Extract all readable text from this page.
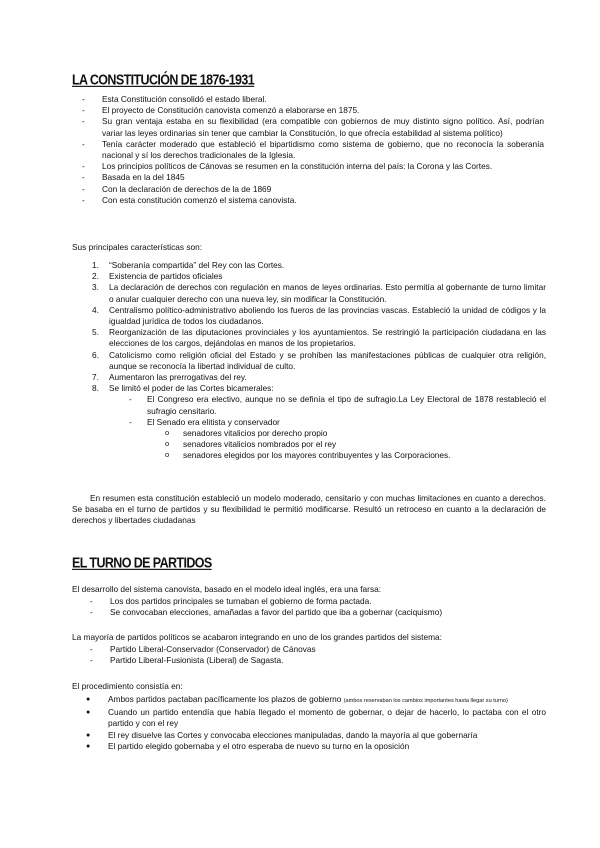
LA CONSTITUCIÓN DE 1876-1931
- Esta Constitución consolidó el estado liberal.
- El proyecto de Constitución canovista comenzó a elaborarse en 1875.
- Su gran ventaja estaba en su flexibilidad (era compatible con gobiernos de muy distinto signo político. Así, podrían variar las leyes ordinarias sin tener que cambiar la Constitución, lo que ofrecía estabilidad al sistema político)
- Tenía carácter moderado que estableció el bipartidismo como sistema de gobierno, que no reconocía la soberanía nacional y sí los derechos tradicionales de la Iglesia.
- Los principios políticos de Cánovas se resumen en la constitución interna del país: la Corona y las Cortes.
- Basada en la del 1845
- Con la declaración de derechos de la de 1869
- Con esta constitución comenzó el sistema canovista.

Sus principales características son:

1. “Soberanía compartida” del Rey con las Cortes.
2. Existencia de partidos oficiales
3. La declaración de derechos con regulación en manos de leyes ordinarias. Esto permitía al gobernante de turno limitar o anular cualquier derecho con una nueva ley, sin modificar la Constitución.
4. Centralismo político-administrativo aboliendo los fueros de las provincias vascas. Estableció la unidad de códigos y la igualdad jurídica de todos los ciudadanos.
5. Reorganización de las diputaciones provinciales y los ayuntamientos. Se restringió la participación ciudadana en las elecciones de los cargos, dejándolas en manos de los propietarios.
6. Catolicismo como religión oficial del Estado y se prohíben las manifestaciones públicas de cualquier otra religión, aunque se reconocía la libertad individual de culto.
7. Aumentaron las prerrogativas del rey.
8. Se limitó el poder de las Cortes bicamerales:
- El Congreso era electivo, aunque no se definía el tipo de sufragio.La Ley Electoral de 1878 restableció el sufragio censitario.
- El Senado era elitista y conservador
o senadores vitalicios por derecho propio
o senadores vitalicios nombrados por el rey
o senadores elegidos por los mayores contribuyentes y las Corporaciones.

En resumen esta constitución estableció un modelo moderado, censitario y con muchas limitaciones en cuanto a derechos. Se basaba en el turno de partidos y su flexibilidad le permitió modificarse. Resultó un retroceso en cuanto a la declaración de derechos y libertades ciudadanas

EL TURNO DE PARTIDOS

El desarrollo del sistema canovista, basado en el modelo ideal inglés, era una farsa:

- Los dos partidos principales se turnaban el gobierno de forma pactada.
- Se convocaban elecciones, amañadas a favor del partido que iba a gobernar (caciquismo)

La mayoría de partidos políticos se acabaron integrando en uno de los grandes partidos del sistema:

- Partido Liberal-Conservador (Conservador) de Cánovas
- Partido Liberal-Fusionista (Liberal) de Sagasta.

El procedimiento consistía en:

● Ambos partidos pactaban pacíficamente los plazos de gobierno (ambos reservaban los cambios importantes hasta llegar su turno)
● Cuando un partido entendía que había llegado el momento de gobernar, o dejar de hacerlo, lo pactaba con el otro partido y con el rey
● El rey disuelve las Cortes y convocaba elecciones manipuladas, dando la mayoría al que gobernaría
● El partido elegido gobernaba y el otro esperaba de nuevo su turno en la oposición
